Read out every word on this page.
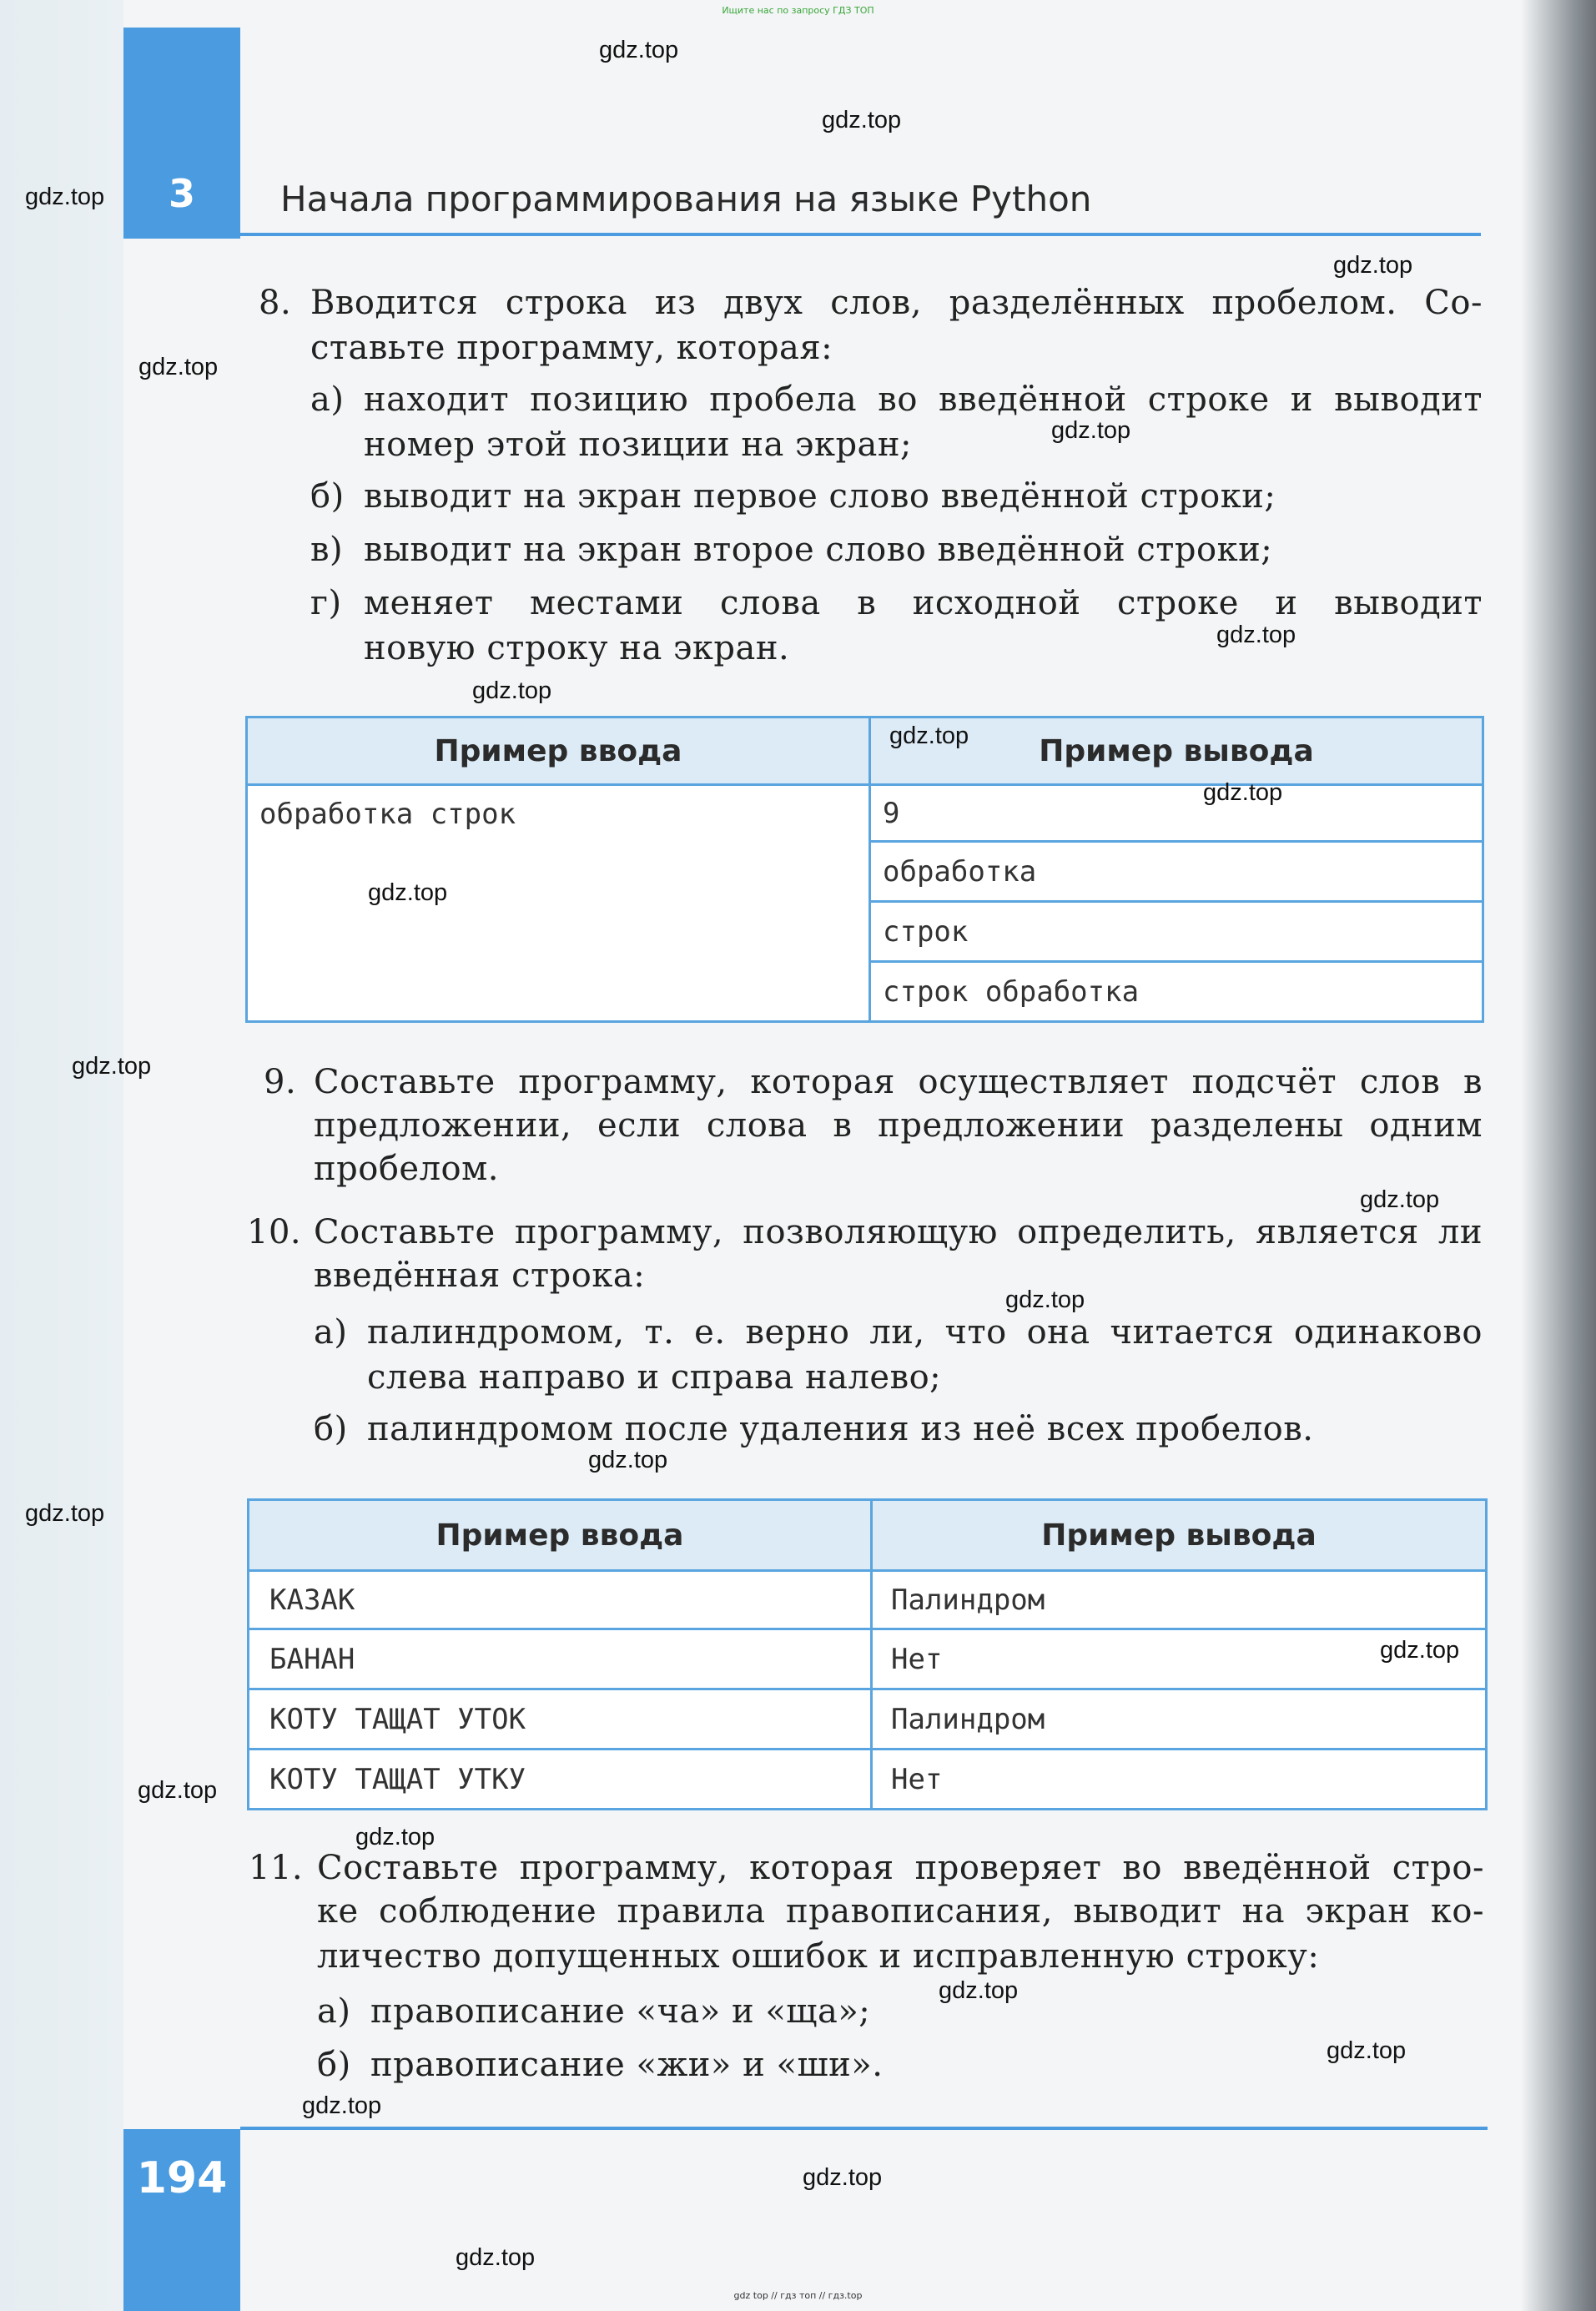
Ищите нас по запросу ГДЗ ТОП
3	Начала программирования на языке Python
8. Вводится строка из двух слов, разделённых пробелом. Со-
ставьте программу, которая:
а) находит позицию пробела во введённой строке и выводит
номер этой позиции на экран;
б) выводит на экран первое слово введённой строки;
в) выводит на экран второе слово введённой строки;
г) меняет местами слова в исходной строке и выводит
новую строку на экран.
Пример ввода	Пример вывода
обработка строк	9
	обработка
	строк
	строк обработка
9. Составьте программу, которая осуществляет подсчёт слов в
предложении, если слова в предложении разделены одним
пробелом.
10. Составьте программу, позволяющую определить, является ли
введённая строка:
а) палиндромом, т. е. верно ли, что она читается одинаково
слева направо и справа налево;
б) палиндромом после удаления из неё всех пробелов.
Пример ввода	Пример вывода
КАЗАК	Палиндром
БАНАН	Нет
КОТУ ТАЩАТ УТОК	Палиндром
КОТУ ТАЩАТ УТКУ	Нет
11. Составьте программу, которая проверяет во введённой стро-
ке соблюдение правила правописания, выводит на экран ко-
личество допущенных ошибок и исправленную строку:
а) правописание «ча» и «ща»;
б) правописание «жи» и «ши».
194
gdz top // гдз топ // гдз.top
gdz.top
gdz.top
gdz.top
gdz.top
gdz.top
gdz.top
gdz.top
gdz.top
gdz.top
gdz.top
gdz.top
gdz.top
gdz.top
gdz.top
gdz.top
gdz.top
gdz.top
gdz.top
gdz.top
gdz.top
gdz.top
gdz.top
gdz.top
gdz.top
